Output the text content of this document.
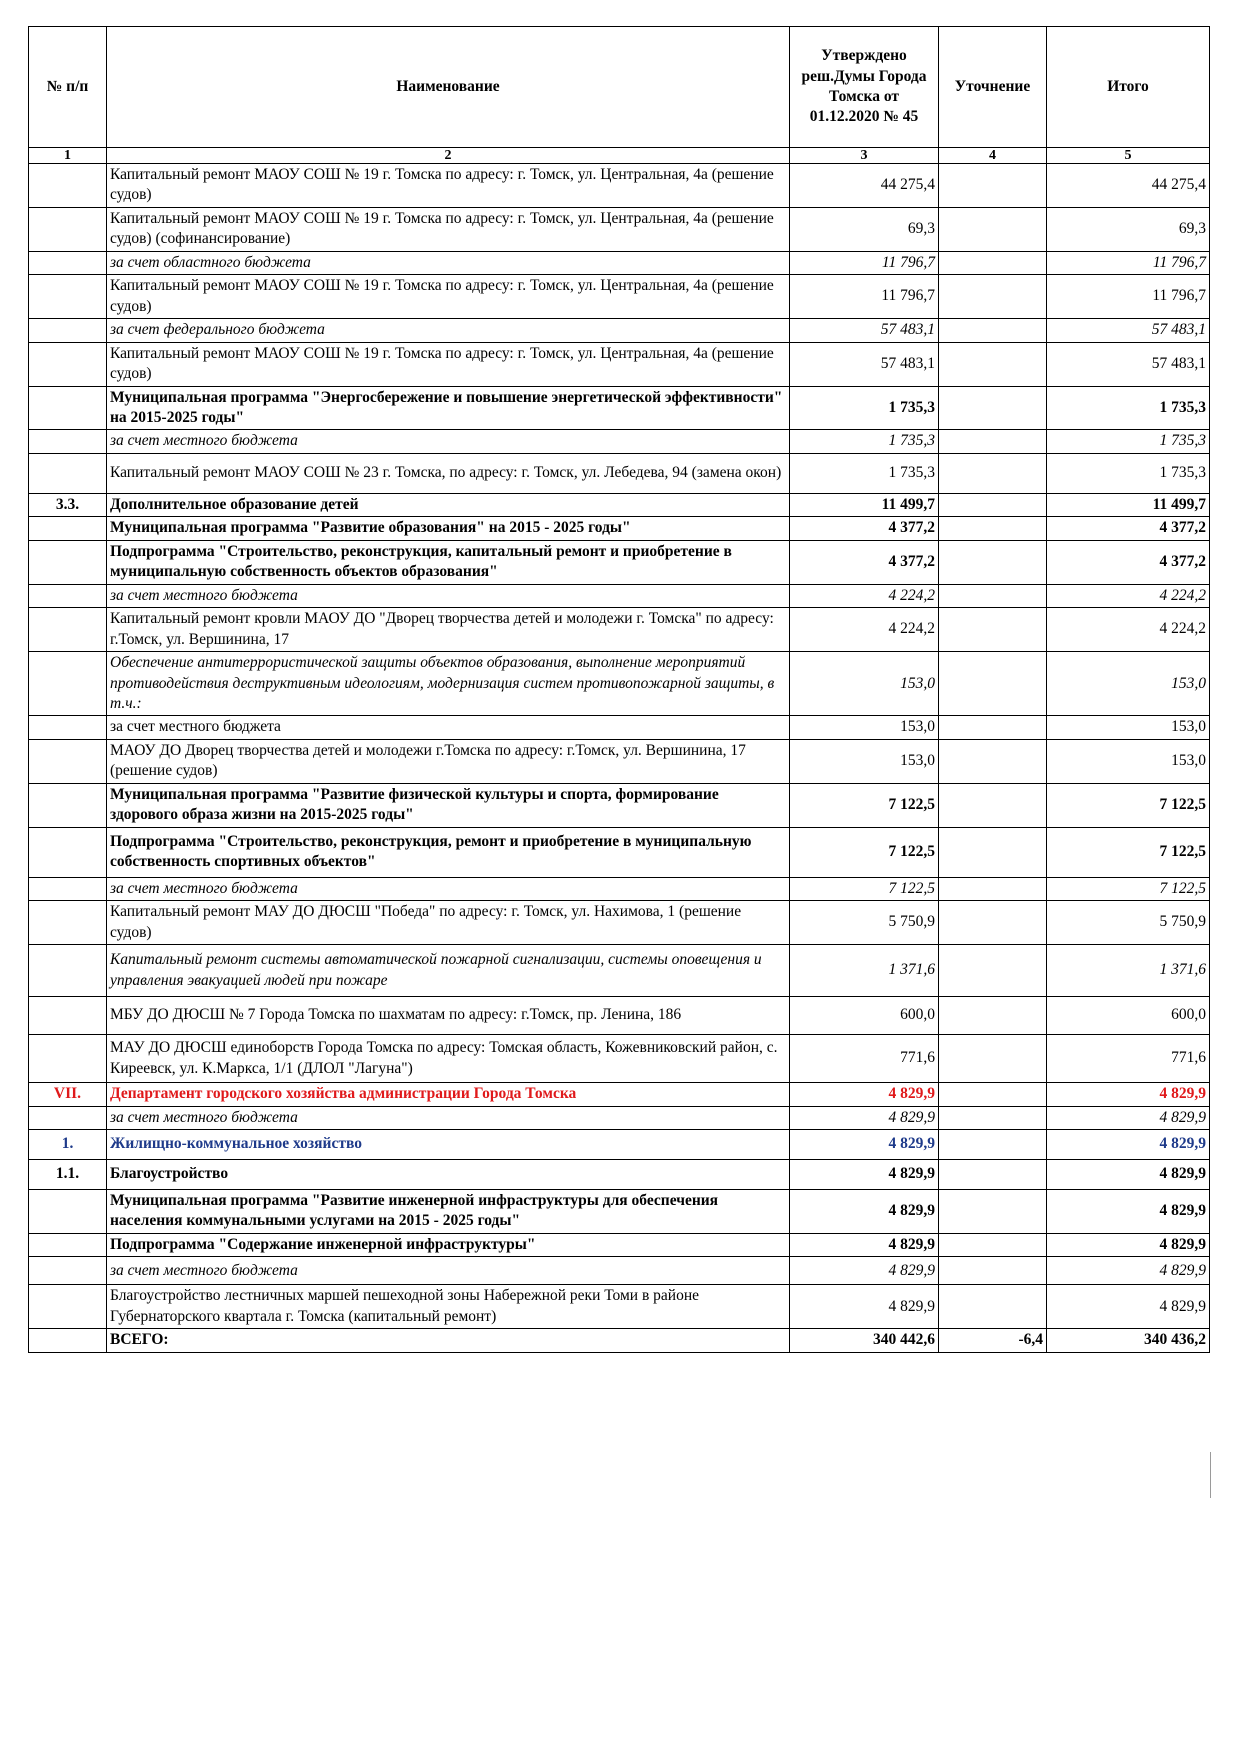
№ п/п	Наименование	Утверждено реш.Думы Города Томска от 01.12.2020 № 45	Уточнение	Итого
1	2	3	4	5
	Капитальный ремонт МАОУ СОШ № 19 г. Томска по адресу: г. Томск, ул. Центральная, 4а (решение судов)	44 275,4		44 275,4
	Капитальный ремонт МАОУ СОШ № 19 г. Томска по адресу: г. Томск, ул. Центральная, 4а (решение судов) (софинансирование)	69,3		69,3
	за счет областного бюджета	11 796,7		11 796,7
	Капитальный ремонт МАОУ СОШ № 19 г. Томска по адресу: г. Томск, ул. Центральная, 4а (решение судов)	11 796,7		11 796,7
	за счет федерального бюджета	57 483,1		57 483,1
	Капитальный ремонт МАОУ СОШ № 19 г. Томска по адресу: г. Томск, ул. Центральная, 4а (решение судов)	57 483,1		57 483,1
	Муниципальная программа "Энергосбережение и повышение энергетической эффективности" на 2015-2025 годы"	1 735,3		1 735,3
	за счет местного бюджета	1 735,3		1 735,3
	Капитальный ремонт МАОУ СОШ № 23 г. Томска, по адресу: г. Томск, ул. Лебедева, 94 (замена окон)	1 735,3		1 735,3
3.3.	Дополнительное образование детей	11 499,7		11 499,7
	Муниципальная программа "Развитие образования" на 2015 - 2025 годы"	4 377,2		4 377,2
	Подпрограмма "Строительство, реконструкция, капитальный ремонт и приобретение в муниципальную собственность объектов образования"	4 377,2		4 377,2
	за счет местного бюджета	4 224,2		4 224,2
	Капитальный ремонт кровли МАОУ ДО "Дворец творчества детей и молодежи г. Томска" по адресу: г.Томск, ул. Вершинина, 17	4 224,2		4 224,2
	Обеспечение антитеррористической защиты объектов образования, выполнение мероприятий противодействия деструктивным идеологиям, модернизация систем противопожарной защиты, в т.ч.:	153,0		153,0
	за счет местного бюджета	153,0		153,0
	МАОУ ДО Дворец творчества детей и молодежи г.Томска по адресу: г.Томск, ул. Вершинина, 17 (решение судов)	153,0		153,0
	Муниципальная программа "Развитие физической культуры и спорта, формирование здорового образа жизни на 2015-2025 годы"	7 122,5		7 122,5
	Подпрограмма "Строительство, реконструкция, ремонт и приобретение в муниципальную собственность спортивных объектов"	7 122,5		7 122,5
	за счет местного бюджета	7 122,5		7 122,5
	Капитальный ремонт МАУ ДО ДЮСШ "Победа" по адресу: г. Томск, ул. Нахимова, 1 (решение судов)	5 750,9		5 750,9
	Капитальный ремонт системы автоматической пожарной сигнализации, системы оповещения и управления эвакуацией людей при пожаре	1 371,6		1 371,6
	МБУ ДО ДЮСШ № 7 Города Томска по шахматам по адресу: г.Томск, пр. Ленина, 186	600,0		600,0
	МАУ ДО ДЮСШ единоборств Города Томска по адресу: Томская область, Кожевниковский район, с. Киреевск, ул. К.Маркса, 1/1 (ДЛОЛ "Лагуна")	771,6		771,6
VII.	Департамент городского хозяйства администрации Города Томска	4 829,9		4 829,9
	за счет местного бюджета	4 829,9		4 829,9
1.	Жилищно-коммунальное хозяйство	4 829,9		4 829,9
1.1.	Благоустройство	4 829,9		4 829,9
	Муниципальная программа "Развитие инженерной инфраструктуры для обеспечения населения коммунальными услугами на 2015 - 2025 годы"	4 829,9		4 829,9
	Подпрограмма "Содержание инженерной инфраструктуры"	4 829,9		4 829,9
	за счет местного бюджета	4 829,9		4 829,9
	Благоустройство лестничных маршей пешеходной зоны Набережной реки Томи в районе Губернаторского квартала г. Томска (капитальный ремонт)	4 829,9		4 829,9
	ВСЕГО:	340 442,6	-6,4	340 436,2
